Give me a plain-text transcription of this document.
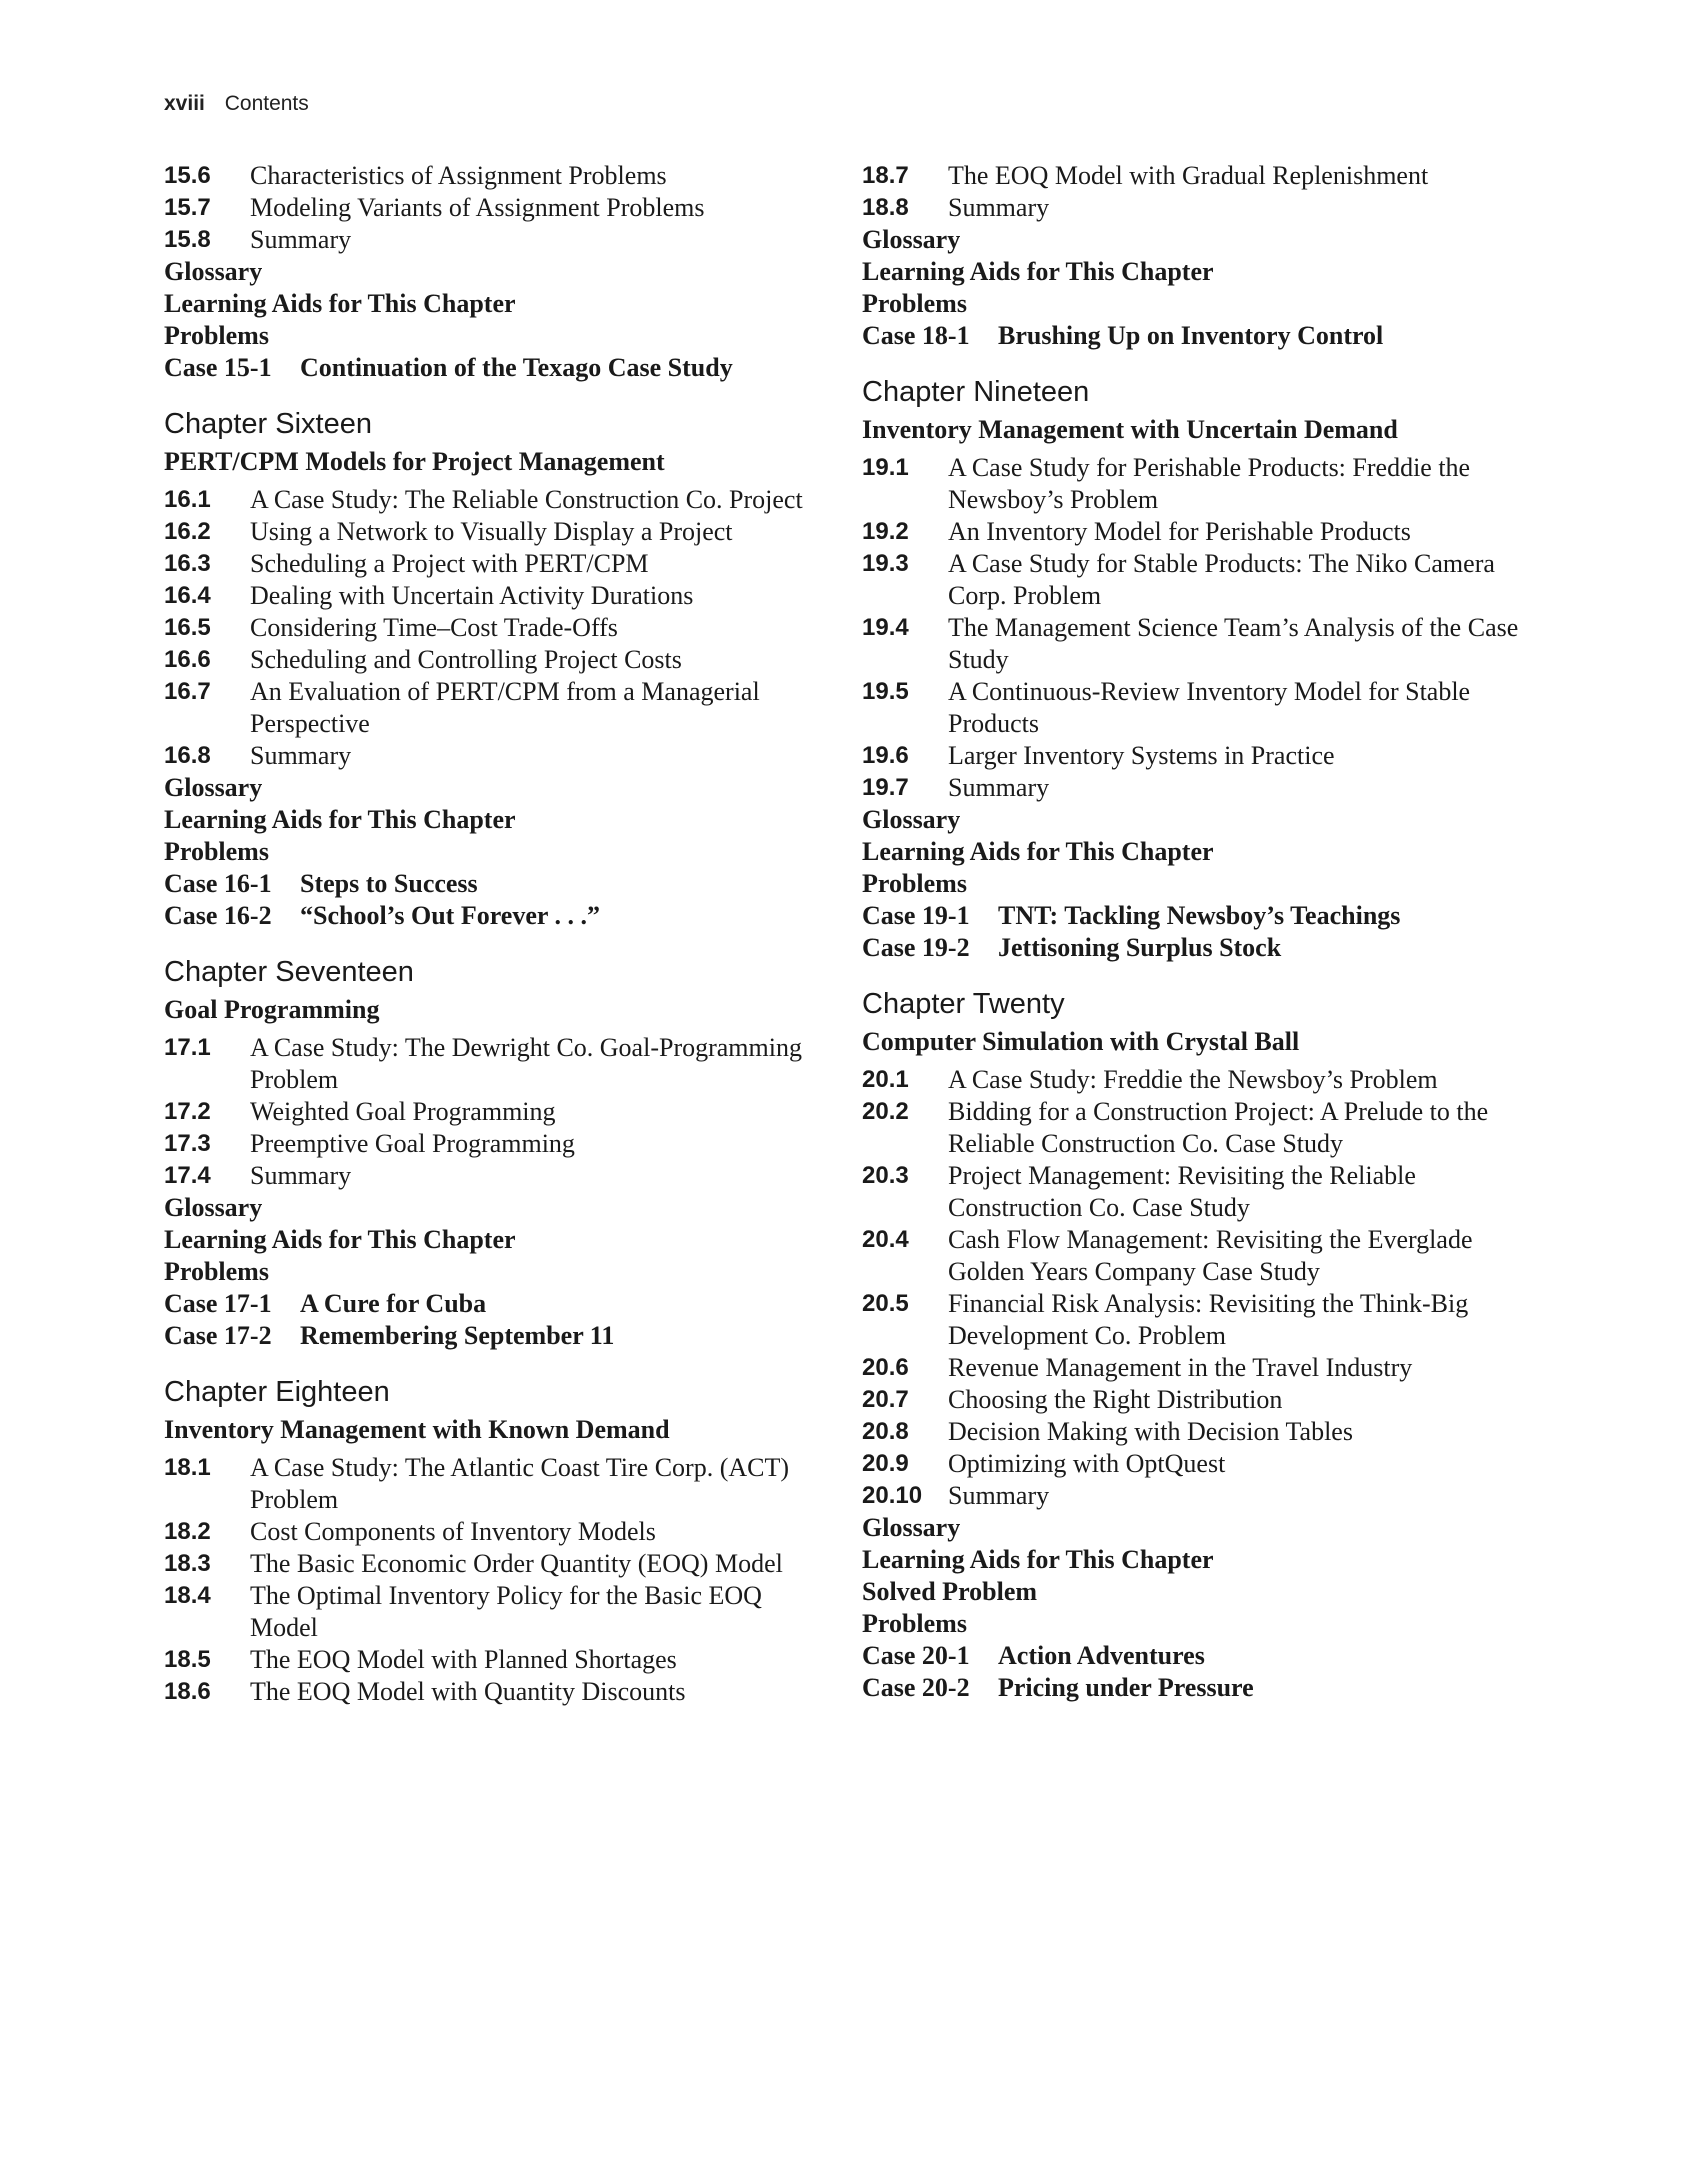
xviii Contents
15.6	Characteristics of Assignment Problems
15.7	Modeling Variants of Assignment Problems
15.8	Summary
Glossary
Learning Aids for This Chapter
Problems
Case 15-1	Continuation of the Texago Case Study
Chapter Sixteen
PERT/CPM Models for Project Management
16.1	A Case Study: The Reliable Construction Co. Project
16.2	Using a Network to Visually Display a Project
16.3	Scheduling a Project with PERT/CPM
16.4	Dealing with Uncertain Activity Durations
16.5	Considering Time–Cost Trade-Offs
16.6	Scheduling and Controlling Project Costs
16.7	An Evaluation of PERT/CPM from a Managerial Perspective
16.8	Summary
Glossary
Learning Aids for This Chapter
Problems
Case 16-1	Steps to Success
Case 16-2	“School’s Out Forever . . .”
Chapter Seventeen
Goal Programming
17.1	A Case Study: The Dewright Co. Goal-Programming Problem
17.2	Weighted Goal Programming
17.3	Preemptive Goal Programming
17.4	Summary
Glossary
Learning Aids for This Chapter
Problems
Case 17-1	A Cure for Cuba
Case 17-2	Remembering September 11
Chapter Eighteen
Inventory Management with Known Demand
18.1	A Case Study: The Atlantic Coast Tire Corp. (ACT) Problem
18.2	Cost Components of Inventory Models
18.3	The Basic Economic Order Quantity (EOQ) Model
18.4	The Optimal Inventory Policy for the Basic EOQ Model
18.5	The EOQ Model with Planned Shortages
18.6	The EOQ Model with Quantity Discounts
18.7	The EOQ Model with Gradual Replenishment
18.8	Summary
Glossary
Learning Aids for This Chapter
Problems
Case 18-1	Brushing Up on Inventory Control
Chapter Nineteen
Inventory Management with Uncertain Demand
19.1	A Case Study for Perishable Products: Freddie the Newsboy’s Problem
19.2	An Inventory Model for Perishable Products
19.3	A Case Study for Stable Products: The Niko Camera Corp. Problem
19.4	The Management Science Team’s Analysis of the Case Study
19.5	A Continuous-Review Inventory Model for Stable Products
19.6	Larger Inventory Systems in Practice
19.7	Summary
Glossary
Learning Aids for This Chapter
Problems
Case 19-1	TNT: Tackling Newsboy’s Teachings
Case 19-2	Jettisoning Surplus Stock
Chapter Twenty
Computer Simulation with Crystal Ball
20.1	A Case Study: Freddie the Newsboy’s Problem
20.2	Bidding for a Construction Project: A Prelude to the Reliable Construction Co. Case Study
20.3	Project Management: Revisiting the Reliable Construction Co. Case Study
20.4	Cash Flow Management: Revisiting the Everglade Golden Years Company Case Study
20.5	Financial Risk Analysis: Revisiting the Think-Big Development Co. Problem
20.6	Revenue Management in the Travel Industry
20.7	Choosing the Right Distribution
20.8	Decision Making with Decision Tables
20.9	Optimizing with OptQuest
20.10 Summary
Glossary
Learning Aids for This Chapter
Solved Problem
Problems
Case 20-1	Action Adventures
Case 20-2	Pricing under Pressure
